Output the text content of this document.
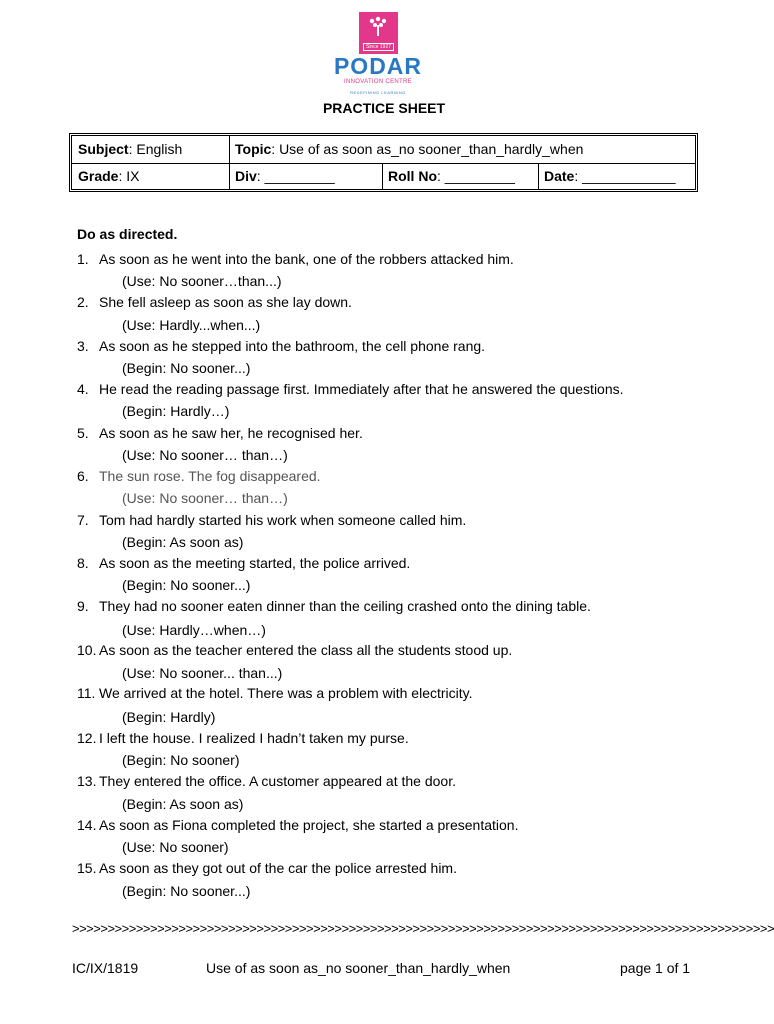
Since 1927
PODAR
INNOVATION CENTRE
REDEFINING LEARNING
PRACTICE SHEET
Subject: English	Topic: Use of as soon as_no sooner_than_hardly_when
Grade: IX	Div: _________	Roll No: _________	Date: ____________
Do as directed.
1. As soon as he went into the bank, one of the robbers attacked him.
(Use: No sooner…than...)
2. She fell asleep as soon as she lay down.
(Use: Hardly...when...)
3. As soon as he stepped into the bathroom, the cell phone rang.
(Begin: No sooner...)
4. He read the reading passage first. Immediately after that he answered the questions.
(Begin: Hardly…)
5. As soon as he saw her, he recognised her.
(Use: No sooner… than…)
6. The sun rose. The fog disappeared.
(Use: No sooner… than…)
7. Tom had hardly started his work when someone called him.
(Begin: As soon as)
8. As soon as the meeting started, the police arrived.
(Begin: No sooner...)
9. They had no sooner eaten dinner than the ceiling crashed onto the dining table.
(Use: Hardly…when…)
10. As soon as the teacher entered the class all the students stood up.
(Use: No sooner... than...)
11. We arrived at the hotel. There was a problem with electricity.
(Begin: Hardly)
12. I left the house. I realized I hadn’t taken my purse.
(Begin: No sooner)
13. They entered the office. A customer appeared at the door.
(Begin: As soon as)
14. As soon as Fiona completed the project, she started a presentation.
(Use: No sooner)
15. As soon as they got out of the car the police arrested him.
(Begin: No sooner...)
>>>>>>>>>>>>>>>>>>>>>>>>>>>>>>>>>>>>>>>>>>>>>>>>>>>>>>>>>>>>>>>>>>>>>>>>>>>>>>>>>>>>>>>>>>>>>>>>>>>
IC/IX/1819	Use of as soon as_no sooner_than_hardly_when	page 1 of 1
